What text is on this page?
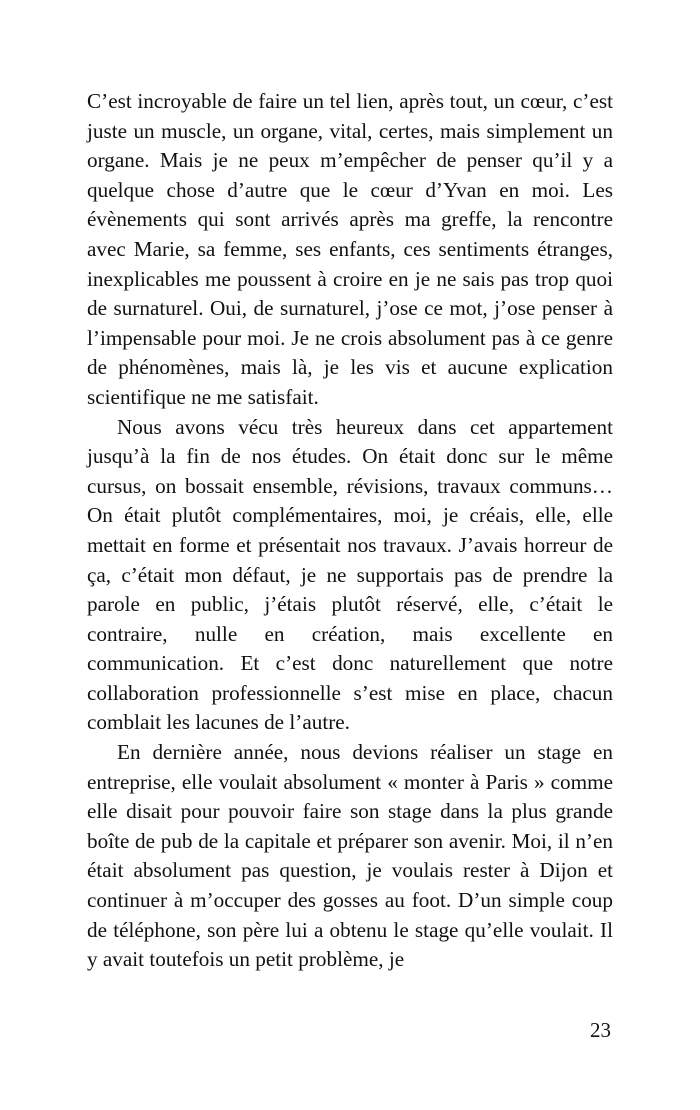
C’est incroyable de faire un tel lien, après tout, un cœur, c’est juste un muscle, un organe, vital, certes, mais simplement un organe. Mais je ne peux m’empêcher de penser qu’il y a quelque chose d’autre que le cœur d’Yvan en moi. Les évènements qui sont arrivés après ma greffe, la rencontre avec Marie, sa femme, ses enfants, ces sentiments étranges, inexplicables me poussent à croire en je ne sais pas trop quoi de surnaturel. Oui, de surnaturel, j’ose ce mot, j’ose penser à l’impensable pour moi. Je ne crois absolument pas à ce genre de phénomènes, mais là, je les vis et aucune explication scientifique ne me satisfait.

Nous avons vécu très heureux dans cet appartement jusqu’à la fin de nos études. On était donc sur le même cursus, on bossait ensemble, révisions, travaux communs… On était plutôt complémentaires, moi, je créais, elle, elle mettait en forme et présentait nos travaux. J’avais horreur de ça, c’était mon défaut, je ne supportais pas de prendre la parole en public, j’étais plutôt réservé, elle, c’était le contraire, nulle en création, mais excellente en communication. Et c’est donc naturellement que notre collaboration professionnelle s’est mise en place, chacun comblait les lacunes de l’autre.

En dernière année, nous devions réaliser un stage en entreprise, elle voulait absolument « monter à Paris » comme elle disait pour pouvoir faire son stage dans la plus grande boîte de pub de la capitale et préparer son avenir. Moi, il n’en était absolument pas question, je voulais rester à Dijon et continuer à m’occuper des gosses au foot. D’un simple coup de téléphone, son père lui a obtenu le stage qu’elle voulait. Il y avait toutefois un petit problème, je

23
